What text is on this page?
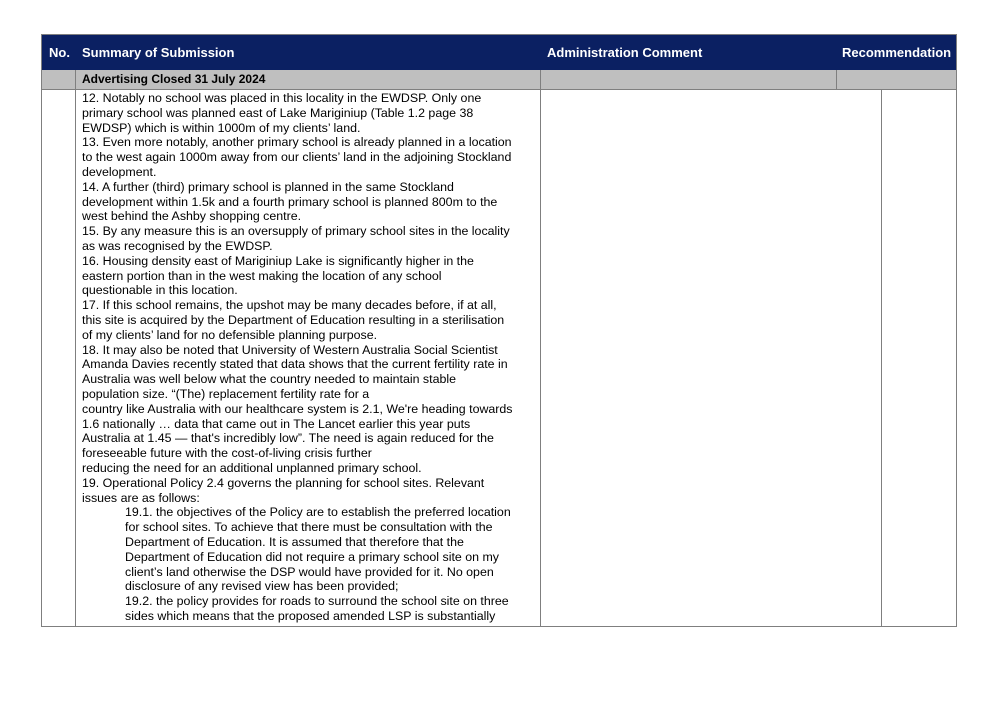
No. Summary of Submission	Administration Comment	Recommendation
Advertising Closed 31 July 2024
12. Notably no school was placed in this locality in the EWDSP. Only one
primary school was planned east of Lake Mariginiup (Table 1.2 page 38
EWDSP) which is within 1000m of my clients’ land.
13. Even more notably, another primary school is already planned in a location
to the west again 1000m away from our clients’ land in the adjoining Stockland
development.
14. A further (third) primary school is planned in the same Stockland
development within 1.5k and a fourth primary school is planned 800m to the
west behind the Ashby shopping centre.
15. By any measure this is an oversupply of primary school sites in the locality
as was recognised by the EWDSP.
16. Housing density east of Mariginiup Lake is significantly higher in the
eastern portion than in the west making the location of any school
questionable in this location.
17. If this school remains, the upshot may be many decades before, if at all,
this site is acquired by the Department of Education resulting in a sterilisation
of my clients’ land for no defensible planning purpose.
18. It may also be noted that University of Western Australia Social Scientist
Amanda Davies recently stated that data shows that the current fertility rate in
Australia was well below what the country needed to maintain stable
population size. “(The) replacement fertility rate for a
country like Australia with our healthcare system is 2.1, We're heading towards
1.6 nationally … data that came out in The Lancet earlier this year puts
Australia at 1.45 — that's incredibly low”. The need is again reduced for the
foreseeable future with the cost-of-living crisis further
reducing the need for an additional unplanned primary school.
19. Operational Policy 2.4 governs the planning for school sites. Relevant
issues are as follows:
19.1. the objectives of the Policy are to establish the preferred location
for school sites. To achieve that there must be consultation with the
Department of Education. It is assumed that therefore that the
Department of Education did not require a primary school site on my
client’s land otherwise the DSP would have provided for it. No open
disclosure of any revised view has been provided;
19.2. the policy provides for roads to surround the school site on three
sides which means that the proposed amended LSP is substantially
